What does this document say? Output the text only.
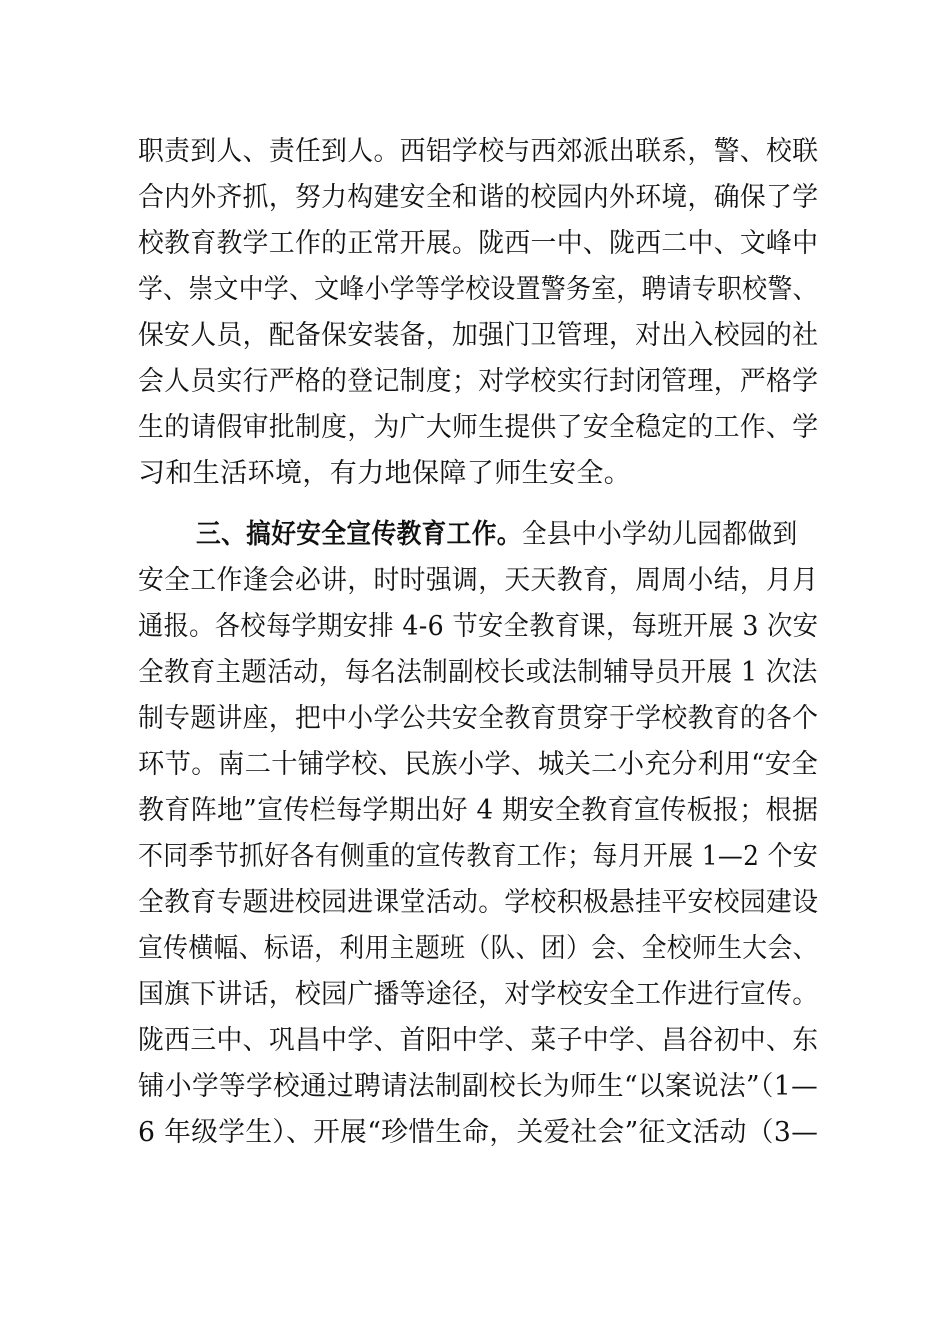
职责到人、责任到人。西铝学校与西郊派出联系，警、校联
合内外齐抓，努力构建安全和谐的校园内外环境，确保了学
校教育教学工作的正常开展。陇西一中、陇西二中、文峰中
学、崇文中学、文峰小学等学校设置警务室，聘请专职校警、
保安人员，配备保安装备，加强门卫管理，对出入校园的社
会人员实行严格的登记制度；对学校实行封闭管理，严格学
生的请假审批制度，为广大师生提供了安全稳定的工作、学
习和生活环境，有力地保障了师生安全。
三、搞好安全宣传教育工作。全县中小学幼儿园都做到
安全工作逢会必讲，时时强调，天天教育，周周小结，月月
通报。各校每学期安排 4-6 节安全教育课，每班开展 3 次安
全教育主题活动，每名法制副校长或法制辅导员开展 1 次法
制专题讲座，把中小学公共安全教育贯穿于学校教育的各个
环节。南二十铺学校、民族小学、城关二小充分利用“安全
教育阵地”宣传栏每学期出好 4 期安全教育宣传板报；根据
不同季节抓好各有侧重的宣传教育工作；每月开展 1—2 个安
全教育专题进校园进课堂活动。学校积极悬挂平安校园建设
宣传横幅、标语，利用主题班（队、团）会、全校师生大会、
国旗下讲话，校园广播等途径，对学校安全工作进行宣传。
陇西三中、巩昌中学、首阳中学、菜子中学、昌谷初中、东
铺小学等学校通过聘请法制副校长为师生“以案说法”（1—
6 年级学生）、开展“珍惜生命，关爱社会”征文活动（3—
